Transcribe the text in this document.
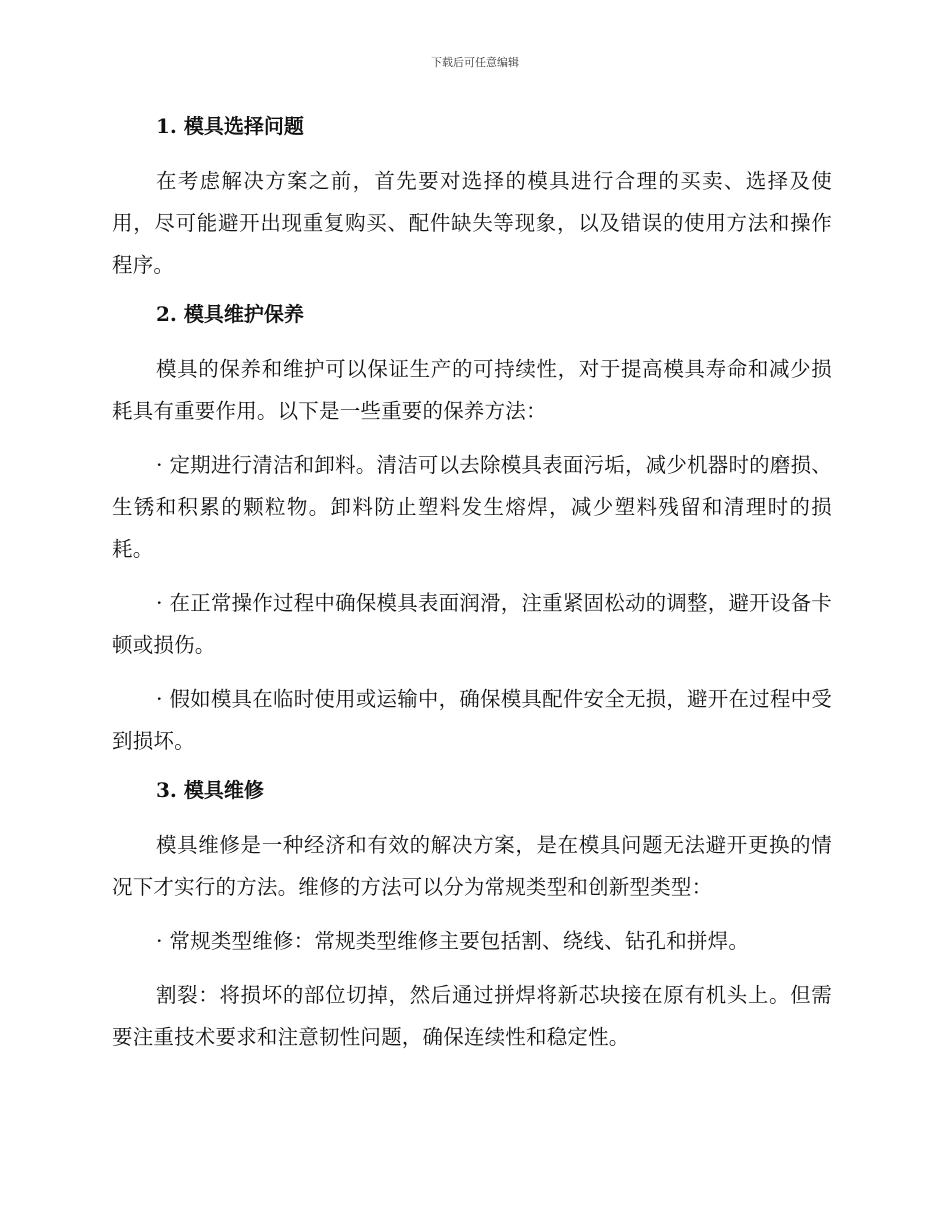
下载后可任意编辑
1. 模具选择问题

在考虑解决方案之前，首先要对选择的模具进行合理的买卖、选择及使用，尽可能避开出现重复购买、配件缺失等现象，以及错误的使用方法和操作程序。

2. 模具维护保养

模具的保养和维护可以保证生产的可持续性，对于提高模具寿命和减少损耗具有重要作用。以下是一些重要的保养方法：

· 定期进行清洁和卸料。清洁可以去除模具表面污垢，减少机器时的磨损、生锈和积累的颗粒物。卸料防止塑料发生熔焊，减少塑料残留和清理时的损耗。

· 在正常操作过程中确保模具表面润滑，注重紧固松动的调整，避开设备卡顿或损伤。

· 假如模具在临时使用或运输中，确保模具配件安全无损，避开在过程中受到损坏。

3. 模具维修

模具维修是一种经济和有效的解决方案，是在模具问题无法避开更换的情况下才实行的方法。维修的方法可以分为常规类型和创新型类型：

· 常规类型维修：常规类型维修主要包括割、绕线、钻孔和拼焊。

割裂：将损坏的部位切掉，然后通过拼焊将新芯块接在原有机头上。但需要注重技术要求和注意韧性问题，确保连续性和稳定性。
